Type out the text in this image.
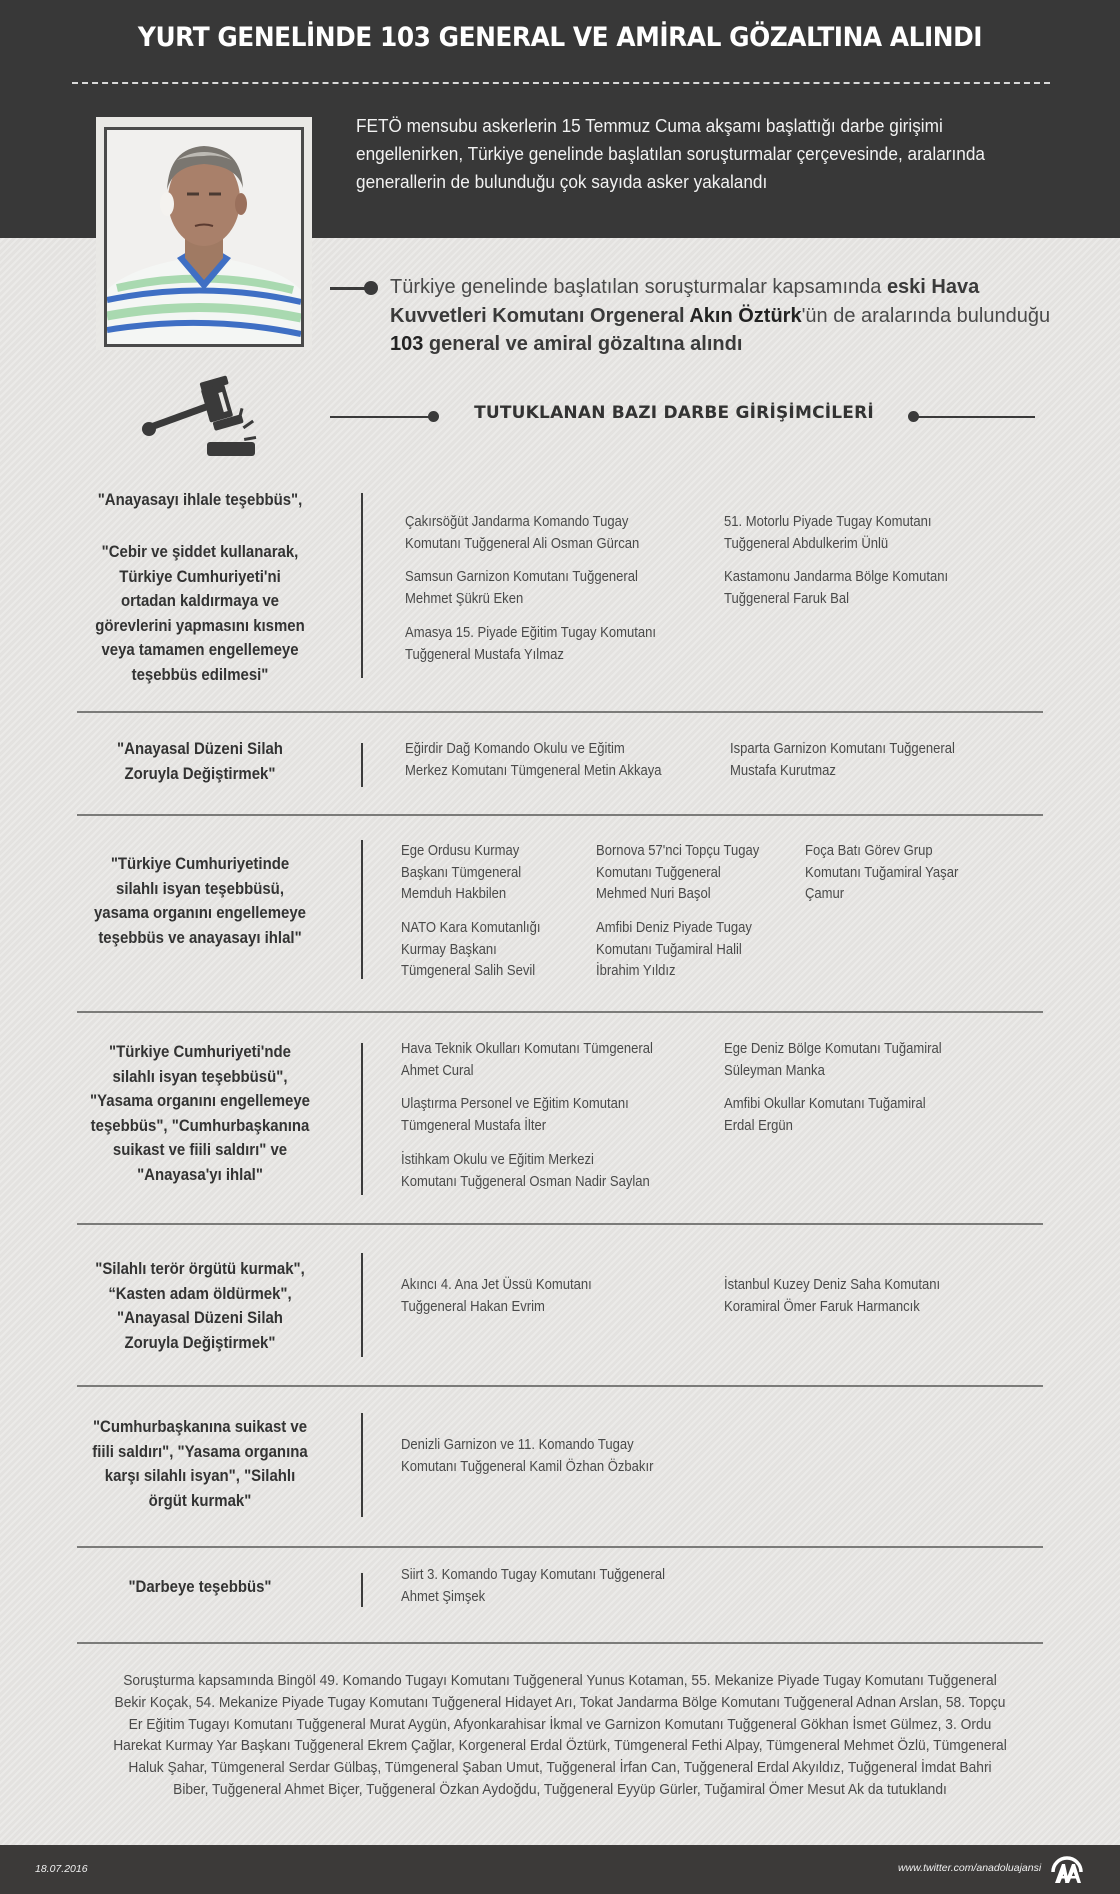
YURT GENELİNDE 103 GENERAL VE AMİRAL GÖZALTINA ALINDI
FETÖ mensubu askerlerin 15 Temmuz Cuma akşamı başlattığı darbe girişimi engellenirken, Türkiye genelinde başlatılan soruşturmalar çerçevesinde, aralarında generallerin de bulunduğu çok sayıda asker yakalandı
Türkiye genelinde başlatılan soruşturmalar kapsamında eski Hava Kuvvetleri Komutanı Orgeneral Akın Öztürk'ün de aralarında bulunduğu 103 general ve amiral gözaltına alındı
TUTUKLANAN BAZI DARBE GİRİŞİMCİLERİ
"Anayasayı ihlale teşebbüs",
"Cebir ve şiddet kullanarak, Türkiye Cumhuriyeti'ni ortadan kaldırmaya ve görevlerini yapmasını kısmen veya tamamen engellemeye teşebbüs edilmesi"
Çakırsöğüt Jandarma Komando Tugay
Komutanı Tuğgeneral Ali Osman Gürcan
51. Motorlu Piyade Tugay Komutanı
Tuğgeneral Abdulkerim Ünlü
Samsun Garnizon Komutanı Tuğgeneral
Mehmet Şükrü Eken
Kastamonu Jandarma Bölge Komutanı
Tuğgeneral Faruk Bal
Amasya 15. Piyade Eğitim Tugay Komutanı
Tuğgeneral Mustafa Yılmaz
"Anayasal Düzeni Silah Zoruyla Değiştirmek"
Eğirdir Dağ Komando Okulu ve Eğitim
Merkez Komutanı Tümgeneral Metin Akkaya
Isparta Garnizon Komutanı Tuğgeneral
Mustafa Kurutmaz
"Türkiye Cumhuriyetinde silahlı isyan teşebbüsü, yasama organını engellemeye teşebbüs ve anayasayı ihlal"
Ege Ordusu Kurmay
Başkanı Tümgeneral
Memduh Hakbilen
Bornova 57'nci Topçu Tugay
Komutanı Tuğgeneral
Mehmed Nuri Başol
Foça Batı Görev Grup
Komutanı Tuğamiral Yaşar
Çamur
NATO Kara Komutanlığı
Kurmay Başkanı
Tümgeneral Salih Sevil
Amfibi Deniz Piyade Tugay
Komutanı Tuğamiral Halil
İbrahim Yıldız
"Türkiye Cumhuriyeti'nde silahlı isyan teşebbüsü", "Yasama organını engellemeye teşebbüs", "Cumhurbaşkanına suikast ve fiili saldırı" ve "Anayasa'yı ihlal"
Hava Teknik Okulları Komutanı Tümgeneral
Ahmet Cural
Ege Deniz Bölge Komutanı Tuğamiral
Süleyman Manka
Ulaştırma Personel ve Eğitim Komutanı
Tümgeneral Mustafa İlter
Amfibi Okullar Komutanı Tuğamiral
Erdal Ergün
İstihkam Okulu ve Eğitim Merkezi
Komutanı Tuğgeneral Osman Nadir Saylan
"Silahlı terör örgütü kurmak", “Kasten adam öldürmek", "Anayasal Düzeni Silah Zoruyla Değiştirmek"
Akıncı 4. Ana Jet Üssü Komutanı
Tuğgeneral Hakan Evrim
İstanbul Kuzey Deniz Saha Komutanı
Koramiral Ömer Faruk Harmancık
"Cumhurbaşkanına suikast ve fiili saldırı", "Yasama organına karşı silahlı isyan", "Silahlı örgüt kurmak"
Denizli Garnizon ve 11. Komando Tugay
Komutanı Tuğgeneral Kamil Özhan Özbakır
"Darbeye teşebbüs"
Siirt 3. Komando Tugay Komutanı Tuğgeneral
Ahmet Şimşek
Soruşturma kapsamında Bingöl 49. Komando Tugayı Komutanı Tuğgeneral Yunus Kotaman, 55. Mekanize Piyade Tugay Komutanı Tuğgeneral Bekir Koçak, 54. Mekanize Piyade Tugay Komutanı Tuğgeneral Hidayet Arı, Tokat Jandarma Bölge Komutanı Tuğgeneral Adnan Arslan, 58. Topçu Er Eğitim Tugayı Komutanı Tuğgeneral Murat Aygün, Afyonkarahisar İkmal ve Garnizon Komutanı Tuğgeneral Gökhan İsmet Gülmez, 3. Ordu Harekat Kurmay Yar Başkanı Tuğgeneral Ekrem Çağlar, Korgeneral Erdal Öztürk, Tümgeneral Fethi Alpay, Tümgeneral Mehmet Özlü, Tümgeneral Haluk Şahar, Tümgeneral Serdar Gülbaş, Tümgeneral Şaban Umut, Tuğgeneral İrfan Can, Tuğgeneral Erdal Akyıldız, Tuğgeneral İmdat Bahri Biber, Tuğgeneral Ahmet Biçer, Tuğgeneral Özkan Aydoğdu, Tuğgeneral Eyyüp Gürler, Tuğamiral Ömer Mesut Ak da tutuklandı
18.07.2016	www.twitter.com/anadoluajansi
